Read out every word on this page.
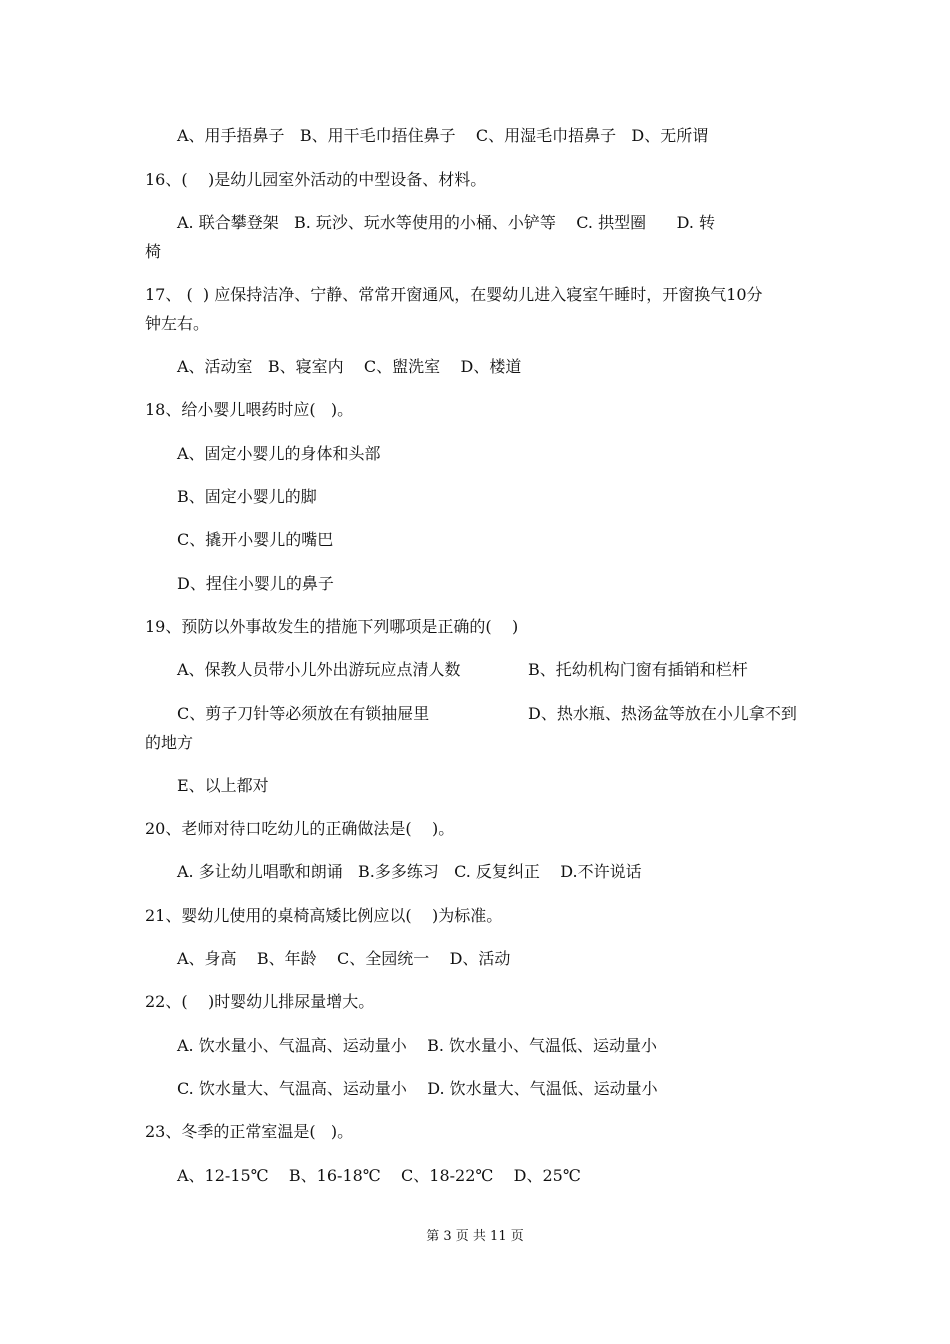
A、用手捂鼻子   B、用干毛巾捂住鼻子    C、用湿毛巾捂鼻子   D、无所谓
16、(    )是幼儿园室外活动的中型设备、材料。
A. 联合攀登架   B. 玩沙、玩水等使用的小桶、小铲等    C. 拱型圈      D. 转
椅
17、 (  ) 应保持洁净、宁静、常常开窗通风，在婴幼儿进入寝室午睡时，开窗换气10分
钟左右。
A、活动室   B、寝室内    C、盥洗室    D、楼道
18、给小婴儿喂药时应(   )。
A、固定小婴儿的身体和头部
B、固定小婴儿的脚
C、撬开小婴儿的嘴巴
D、捏住小婴儿的鼻子
19、预防以外事故发生的措施下列哪项是正确的(    )
A、保教人员带小儿外出游玩应点清人数	B、托幼机构门窗有插销和栏杆
C、剪子刀针等必须放在有锁抽屉里	D、热水瓶、热汤盆等放在小儿拿不到
的地方
E、以上都对
20、老师对待口吃幼儿的正确做法是(    )。
A. 多让幼儿唱歌和朗诵   B.多多练习   C. 反复纠正    D.不许说话
21、婴幼儿使用的桌椅高矮比例应以(    )为标准。
A、身高    B、年龄    C、全园统一    D、活动
22、(    )时婴幼儿排尿量增大。
A. 饮水量小、气温高、运动量小    B. 饮水量小、气温低、运动量小
C. 饮水量大、气温高、运动量小    D. 饮水量大、气温低、运动量小
23、冬季的正常室温是(   )。
A、12-15℃    B、16-18℃    C、18-22℃    D、25℃
第 3 页 共 11 页
